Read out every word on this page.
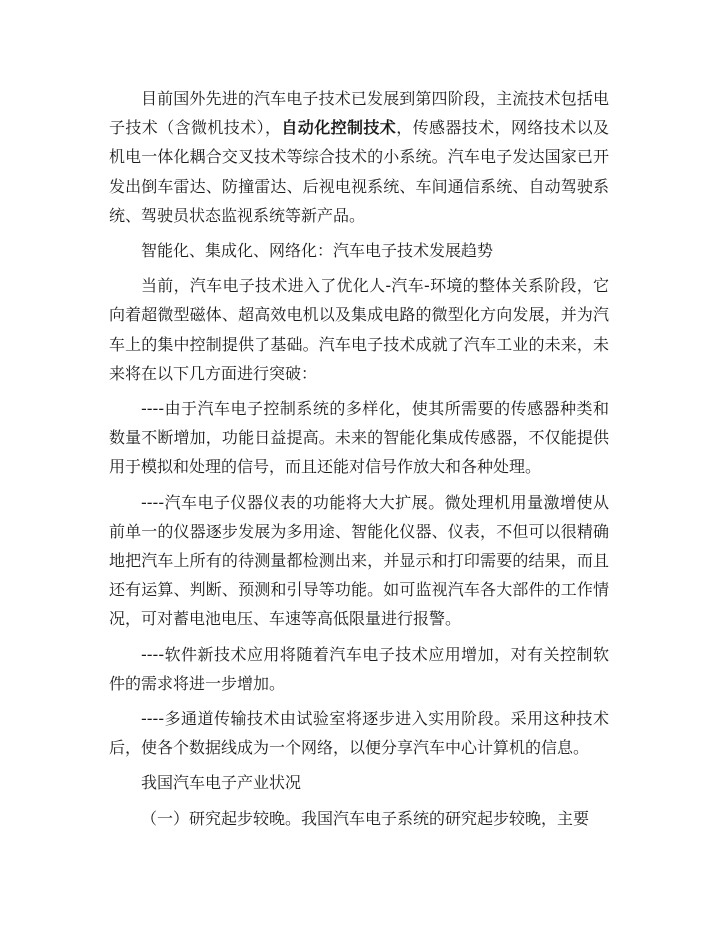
目前国外先进的汽车电子技术已发展到第四阶段，主流技术包括电子技术（含微机技术），自动化控制技术，传感器技术，网络技术以及机电一体化耦合交叉技术等综合技术的小系统。汽车电子发达国家已开发出倒车雷达、防撞雷达、后视电视系统、车间通信系统、自动驾驶系统、驾驶员状态监视系统等新产品。

智能化、集成化、网络化：汽车电子技术发展趋势

当前，汽车电子技术进入了优化人-汽车-环境的整体关系阶段，它向着超微型磁体、超高效电机以及集成电路的微型化方向发展，并为汽车上的集中控制提供了基础。汽车电子技术成就了汽车工业的未来，未来将在以下几方面进行突破：

----由于汽车电子控制系统的多样化，使其所需要的传感器种类和数量不断增加，功能日益提高。未来的智能化集成传感器，不仅能提供用于模拟和处理的信号，而且还能对信号作放大和各种处理。

----汽车电子仪器仪表的功能将大大扩展。微处理机用量激增使从前单一的仪器逐步发展为多用途、智能化仪器、仪表，不但可以很精确地把汽车上所有的待测量都检测出来，并显示和打印需要的结果，而且还有运算、判断、预测和引导等功能。如可监视汽车各大部件的工作情况，可对蓄电池电压、车速等高低限量进行报警。

----软件新技术应用将随着汽车电子技术应用增加，对有关控制软件的需求将进一步增加。

----多通道传输技术由试验室将逐步进入实用阶段。采用这种技术后，使各个数据线成为一个网络，以便分享汽车中心计算机的信息。

我国汽车电子产业状况

（一）研究起步较晚。我国汽车电子系统的研究起步较晚，主要
